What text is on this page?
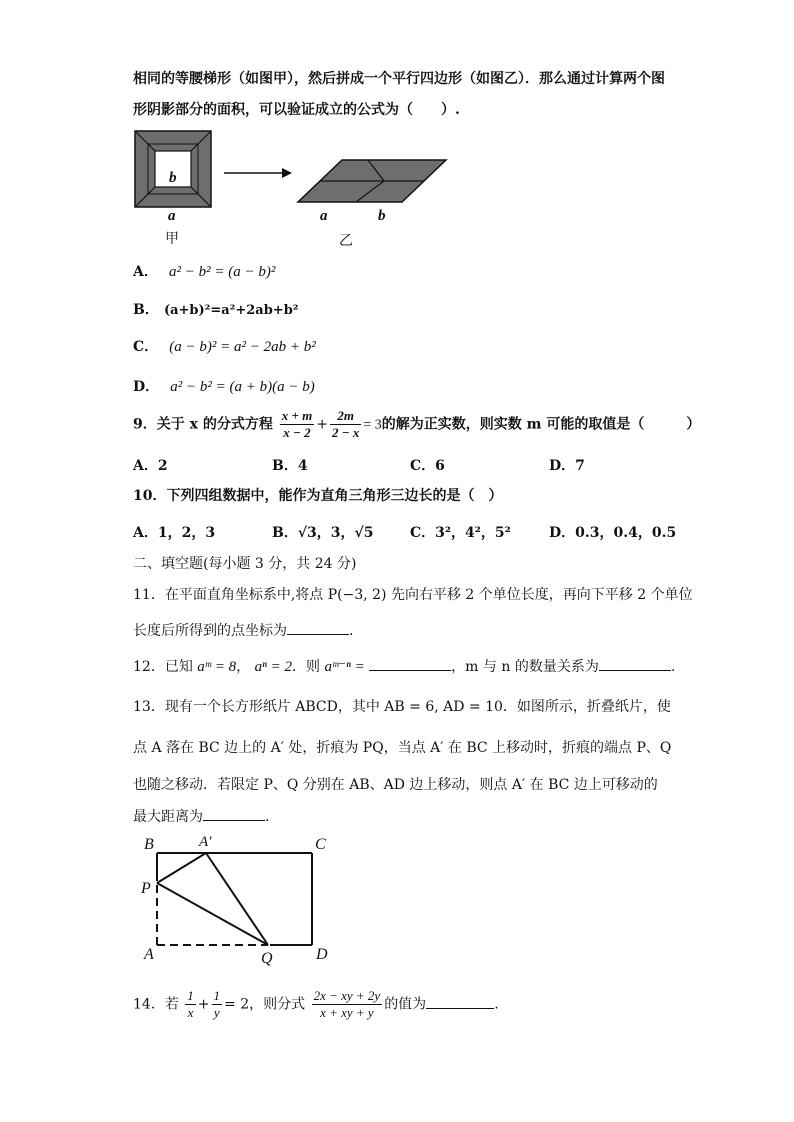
相同的等腰梯形（如图甲），然后拼成一个平行四边形（如图乙）．那么通过计算两个图
形阴影部分的面积，可以验证成立的公式为（　　）.
b
a
甲
a	b
乙
A． a² − b² = (a − b)²
B． (a+b)²=a²+2ab+b²
C． (a − b)² = a² − 2ab + b²
D． a² − b² = (a + b)(a − b)
9．关于 x 的分式方程 $\frac{x + m}{x - 2} + \frac{2m}{2 - x} = 3$的解为正实数，则实数 m 可能的取值是（　　　）
A．2	B．4	C．6	D．7
10．下列四组数据中，能作为直角三角形三边长的是（　）
A．1，2，3	B．√3，3，√5	C．3²，4²，5²	D．0.3，0.4，0.5
二、填空题(每小题 3 分，共 24 分)
11．在平面直角坐标系中,将点 P(−3, 2) 先向右平移 2 个单位长度，再向下平移 2 个单位
长度后所得到的点坐标为	.
12．已知 aᵐ = 8， aⁿ = 2．则 aᵐ⁻ⁿ =	，m 与 n 的数量关系为	.
13．现有一个长方形纸片 ABCD，其中 AB = 6, AD = 10．如图所示，折叠纸片，使
点 A 落在 BC 边上的 A′ 处，折痕为 PQ，当点 A′ 在 BC 上移动时，折痕的端点 P、Q
也随之移动．若限定 P、Q 分别在 AB、AD 边上移动，则点 A′ 在 BC 边上可移动的
最大距离为	.
B	A′	C
P
A	Q	D
14．若 $\frac{1}{x} + \frac{1}{y} = 2$，则分式 $\frac{2x - xy + 2y}{x + xy + y}$ 的值为	.
